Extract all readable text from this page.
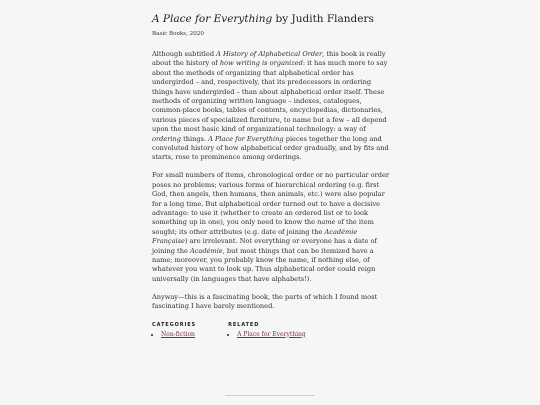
A Place for Everything by Judith Flanders
Basic Books, 2020

Although subtitled A History of Alphabetical Order, this book is really about the history of how writing is organized: it has much more to say about the methods of organizing that alphabetical order has undergirded – and, respectively, that its predecessors in ordering things have undergirded – than about alphabetical order itself. These methods of organizing written language – indexes, catalogues, common-place books, tables of contents, encyclopedias, dictionaries, various pieces of specialized furniture, to name but a few – all depend upon the most basic kind of organizational technology: a way of ordering things. A Place for Everything pieces together the long and convoluted history of how alphabetical order gradually, and by fits and starts, rose to prominence among orderings.

For small numbers of items, chronological order or no particular order poses no problems; various forms of hierarchical ordering (e.g. first God, then angels, then humans, then animals, etc.) were also popular for a long time. But alphabetical order turned out to have a decisive advantage: to use it (whether to create an ordered list or to look something up in one), you only need to know the name of the item sought; its other attributes (e.g. date of joining the Académie Française) are irrelevant. Not everything or everyone has a date of joining the Académie, but most things that can be itemized have a name; moreover, you probably know the name, if nothing else, of whatever you want to look up. Thus alphabetical order could reign universally (in languages that have alphabets!).

Anyway—this is a fascinating book, the parts of which I found most fascinating I have barely mentioned.

CATEGORIES
• Non-fiction
RELATED
• A Place for Everything
